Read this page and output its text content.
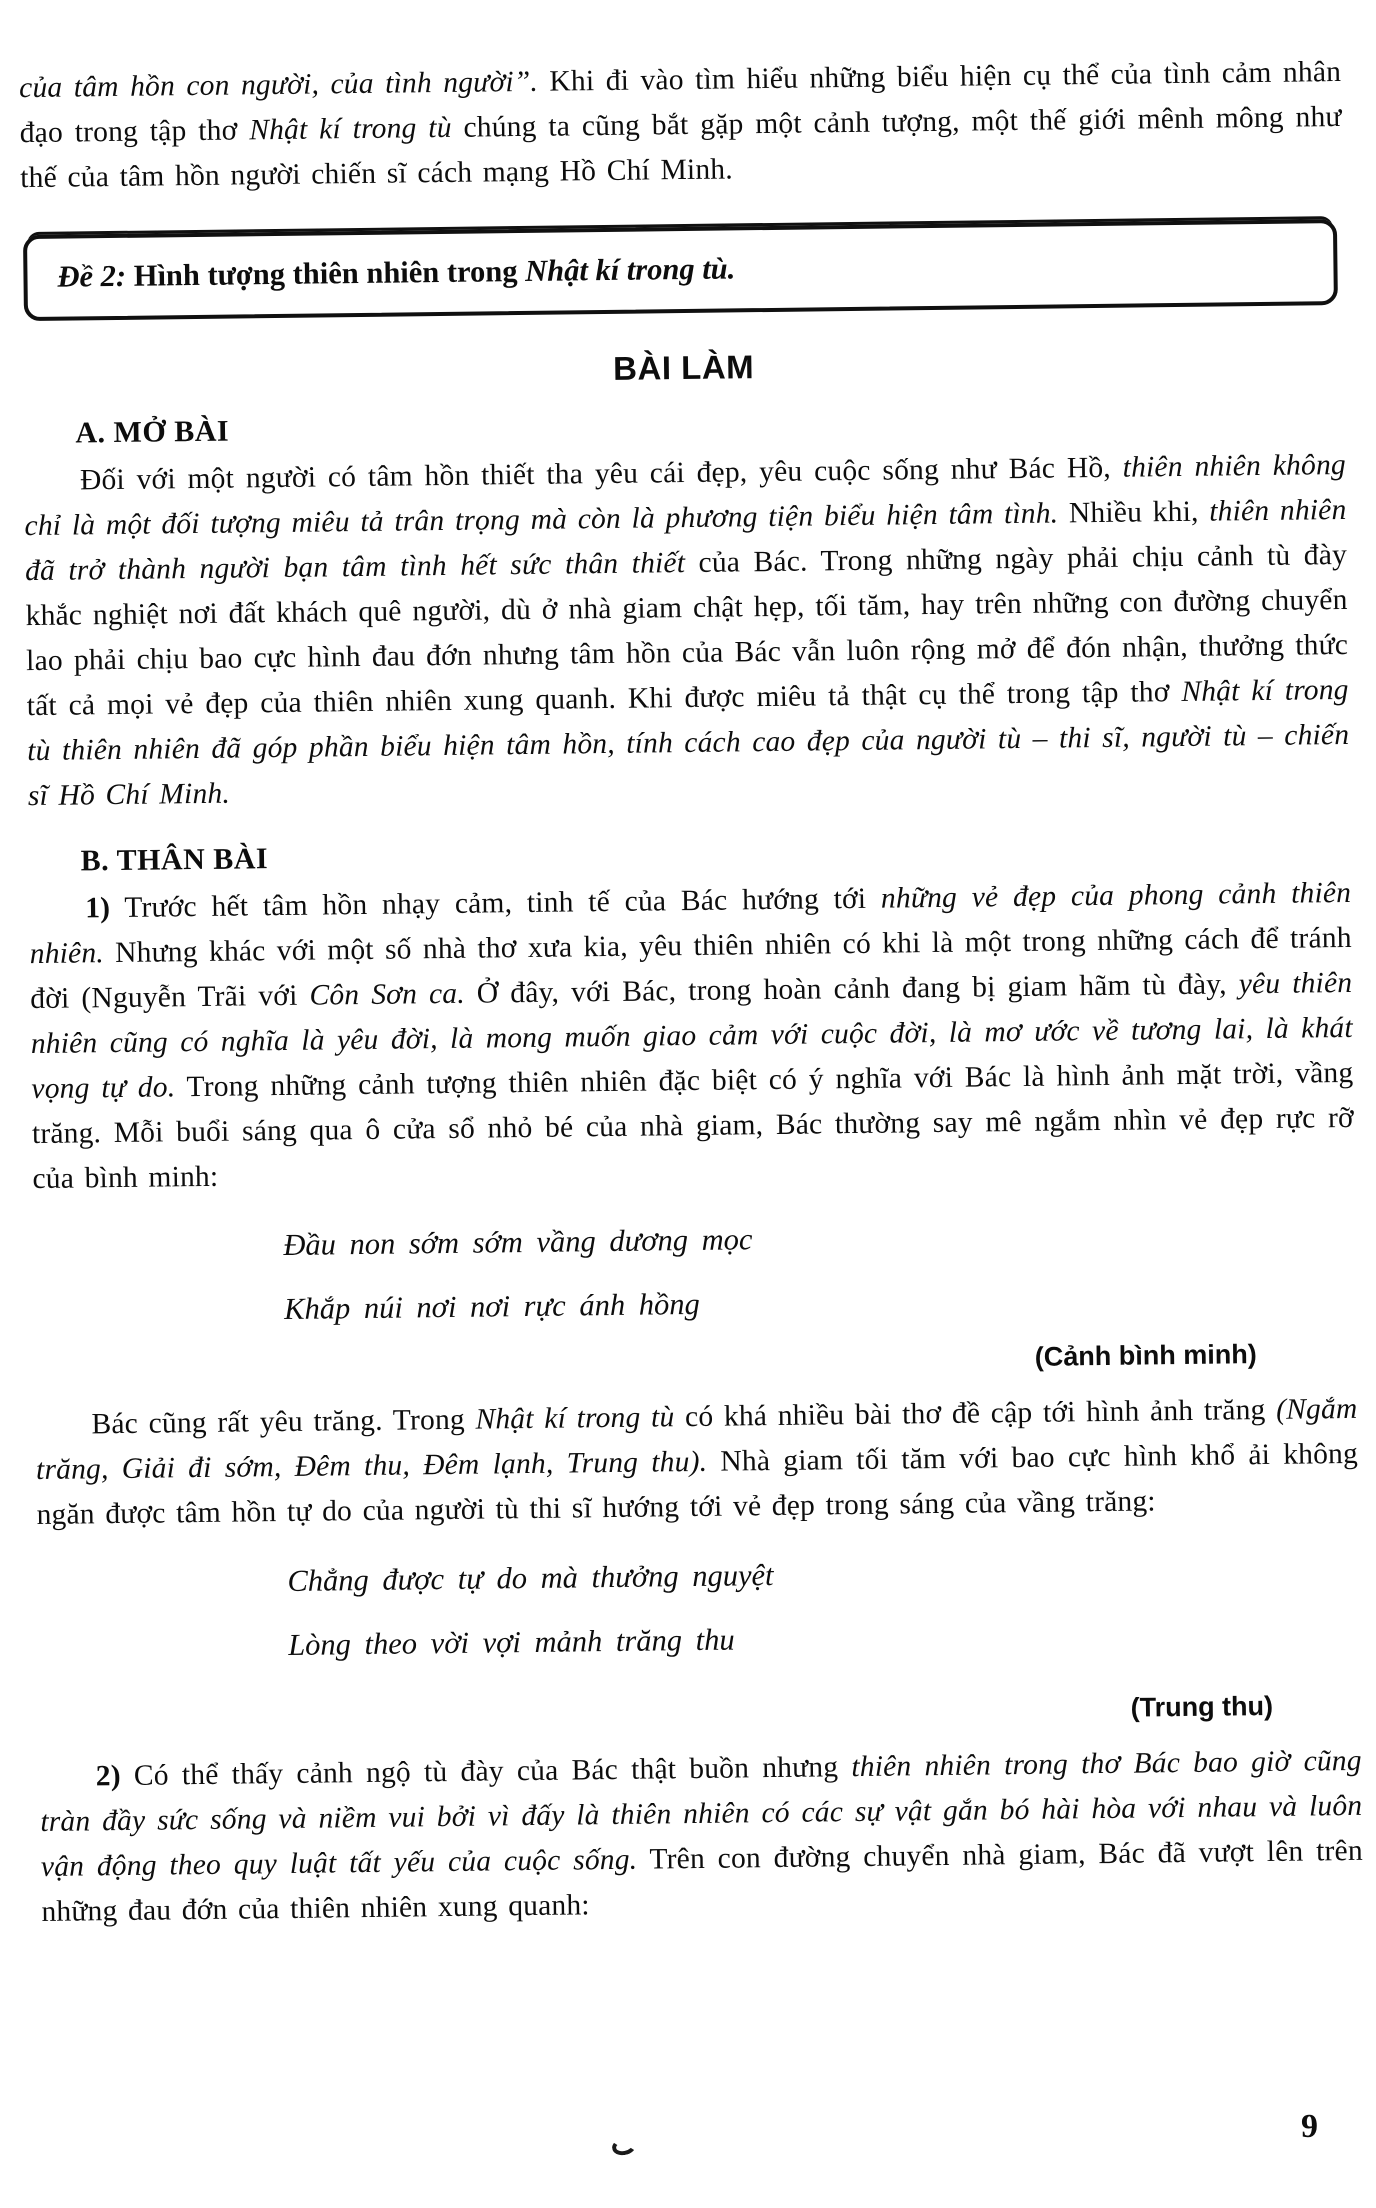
của tâm hồn con người, của tình người”. Khi đi vào tìm hiểu những biểu hiện cụ thể của tình cảm nhân đạo trong tập thơ Nhật kí trong tù chúng ta cũng bắt gặp một cảnh tượng, một thế giới mênh mông như thế của tâm hồn người chiến sĩ cách mạng Hồ Chí Minh.

Đề 2: Hình tượng thiên nhiên trong Nhật kí trong tù.
BÀI LÀM
A. MỞ BÀI

Đối với một người có tâm hồn thiết tha yêu cái đẹp, yêu cuộc sống như Bác Hồ, thiên nhiên không chỉ là một đối tượng miêu tả trân trọng mà còn là phương tiện biểu hiện tâm tình. Nhiều khi, thiên nhiên đã trở thành người bạn tâm tình hết sức thân thiết của Bác. Trong những ngày phải chịu cảnh tù đày khắc nghiệt nơi đất khách quê người, dù ở nhà giam chật hẹp, tối tăm, hay trên những con đường chuyển lao phải chịu bao cực hình đau đớn nhưng tâm hồn của Bác vẫn luôn rộng mở để đón nhận, thưởng thức tất cả mọi vẻ đẹp của thiên nhiên xung quanh. Khi được miêu tả thật cụ thể trong tập thơ Nhật kí trong tù thiên nhiên đã góp phần biểu hiện tâm hồn, tính cách cao đẹp của người tù – thi sĩ, người tù – chiến sĩ Hồ Chí Minh.

B. THÂN BÀI

1) Trước hết tâm hồn nhạy cảm, tinh tế của Bác hướng tới những vẻ đẹp của phong cảnh thiên nhiên. Nhưng khác với một số nhà thơ xưa kia, yêu thiên nhiên có khi là một trong những cách để tránh đời (Nguyễn Trãi với Côn Sơn ca. Ở đây, với Bác, trong hoàn cảnh đang bị giam hãm tù đày, yêu thiên nhiên cũng có nghĩa là yêu đời, là mong muốn giao cảm với cuộc đời, là mơ ước về tương lai, là khát vọng tự do. Trong những cảnh tượng thiên nhiên đặc biệt có ý nghĩa với Bác là hình ảnh mặt trời, vầng trăng. Mỗi buổi sáng qua ô cửa sổ nhỏ bé của nhà giam, Bác thường say mê ngắm nhìn vẻ đẹp rực rỡ của bình minh:

Đầu non sớm sớm vầng dương mọc
Khắp núi nơi nơi rực ánh hồng
(Cảnh bình minh)

Bác cũng rất yêu trăng. Trong Nhật kí trong tù có khá nhiều bài thơ đề cập tới hình ảnh trăng (Ngắm trăng, Giải đi sớm, Đêm thu, Đêm lạnh, Trung thu). Nhà giam tối tăm với bao cực hình khổ ải không ngăn được tâm hồn tự do của người tù thi sĩ hướng tới vẻ đẹp trong sáng của vầng trăng:

Chẳng được tự do mà thưởng nguyệt
Lòng theo vời vợi mảnh trăng thu
(Trung thu)

2) Có thể thấy cảnh ngộ tù đày của Bác thật buồn nhưng thiên nhiên trong thơ Bác bao giờ cũng tràn đầy sức sống và niềm vui bởi vì đấy là thiên nhiên có các sự vật gắn bó hài hòa với nhau và luôn vận động theo quy luật tất yếu của cuộc sống. Trên con đường chuyển nhà giam, Bác đã vượt lên trên những đau đớn của thiên nhiên xung quanh:

9
